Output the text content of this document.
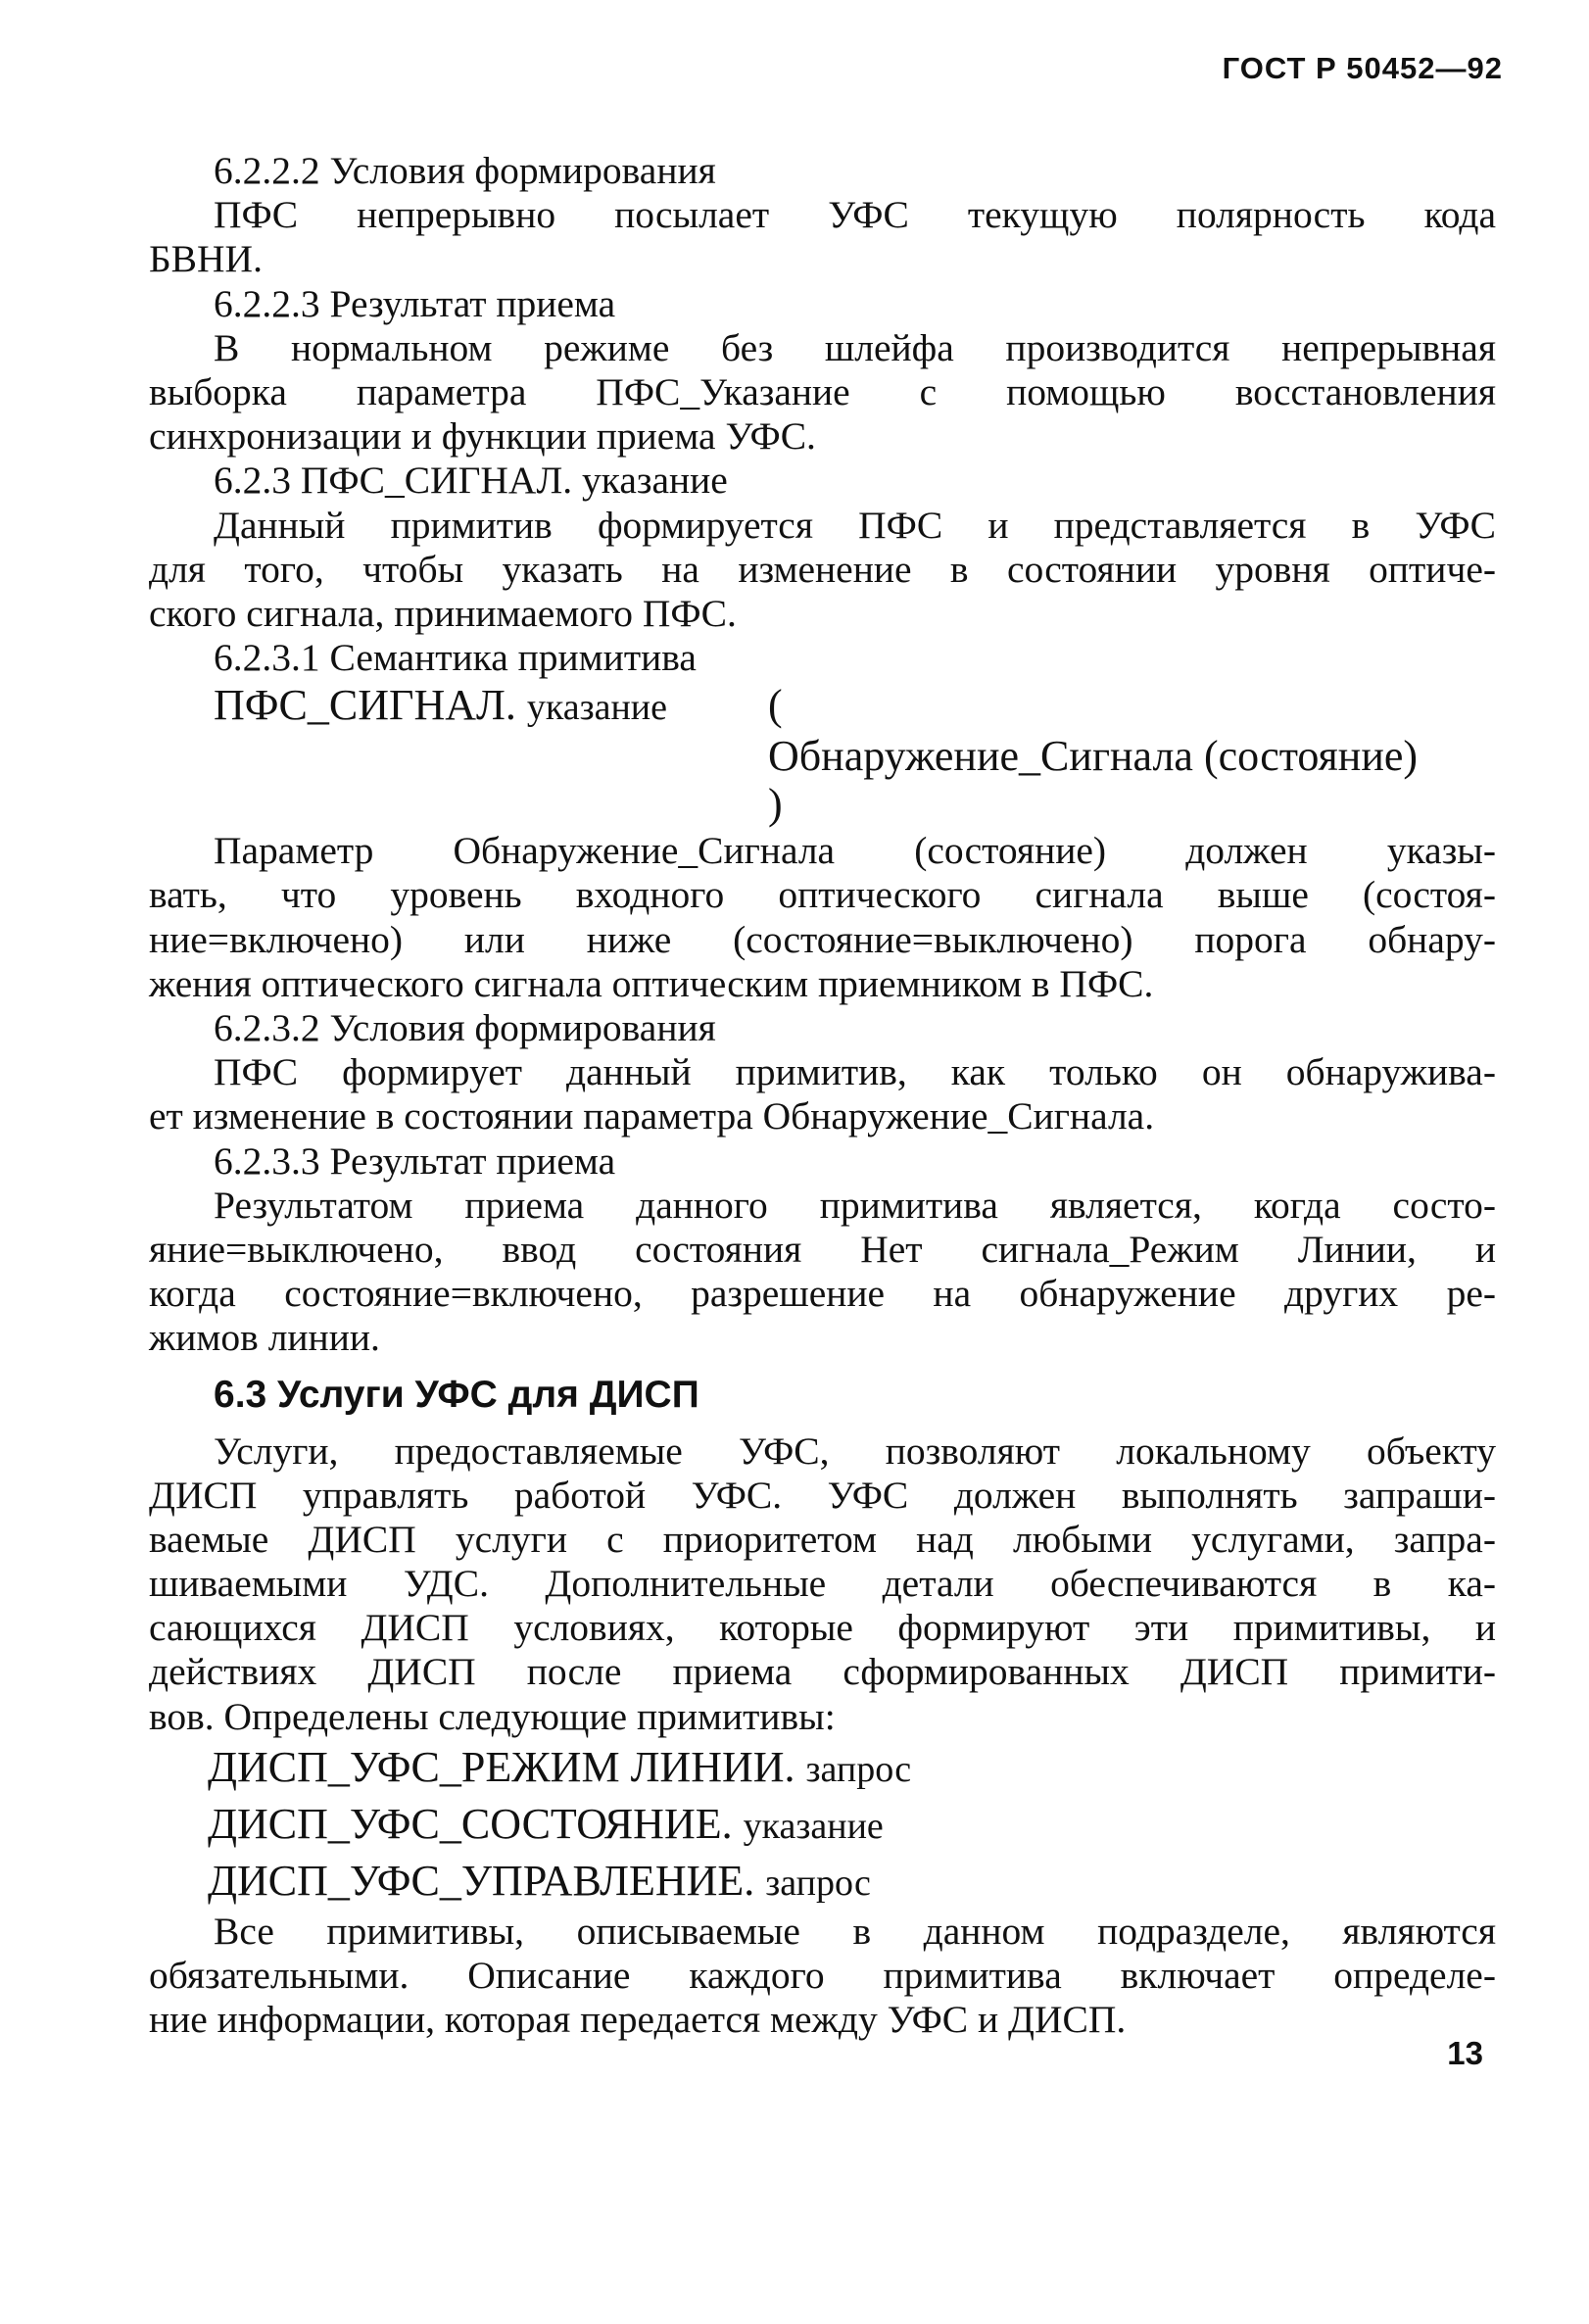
ГОСТ Р 50452—92
6.2.2.2 Условия формирования
ПФС непрерывно посылает УФС текущую полярность кода
БВНИ.
6.2.2.3 Результат приема
В нормальном режиме без шлейфа производится непрерывная
выборка параметра ПФС_Указание с помощью восстановления
синхронизации и функции приема УФС.
6.2.3 ПФС_СИГНАЛ. указание
Данный примитив формируется ПФС и представляется в УФС
для того, чтобы указать на изменение в состоянии уровня оптиче-
ского сигнала, принимаемого ПФС.
6.2.3.1 Семантика примитива
ПФС_СИГНАЛ. указание (
Обнаружение_Сигнала (состояние)
)
Параметр Обнаружение_Сигнала (состояние) должен указы-
вать, что уровень входного оптического сигнала выше (состоя-
ние=включено) или ниже (состояние=выключено) порога обнару-
жения оптического сигнала оптическим приемником в ПФС.
6.2.3.2 Условия формирования
ПФС формирует данный примитив, как только он обнаружива-
ет изменение в состоянии параметра Обнаружение_Сигнала.
6.2.3.3 Результат приема
Результатом приема данного примитива является, когда состо-
яние=выключено, ввод состояния Нет сигнала_Режим Линии, и
когда состояние=включено, разрешение на обнаружение других ре-
жимов линии.
6.3 Услуги УФС для ДИСП
Услуги, предоставляемые УФС, позволяют локальному объекту
ДИСП управлять работой УФС. УФС должен выполнять запраши-
ваемые ДИСП услуги с приоритетом над любыми услугами, запра-
шиваемыми УДС. Дополнительные детали обеспечиваются в ка-
сающихся ДИСП условиях, которые формируют эти примитивы, и
действиях ДИСП после приема сформированных ДИСП примити-
вов. Определены следующие примитивы:
ДИСП_УФС_РЕЖИМ ЛИНИИ. запрос
ДИСП_УФС_СОСТОЯНИЕ. указание
ДИСП_УФС_УПРАВЛЕНИЕ. запрос
Все примитивы, описываемые в данном подразделе, являются
обязательными. Описание каждого примитива включает определе-
ние информации, которая передается между УФС и ДИСП.
13
